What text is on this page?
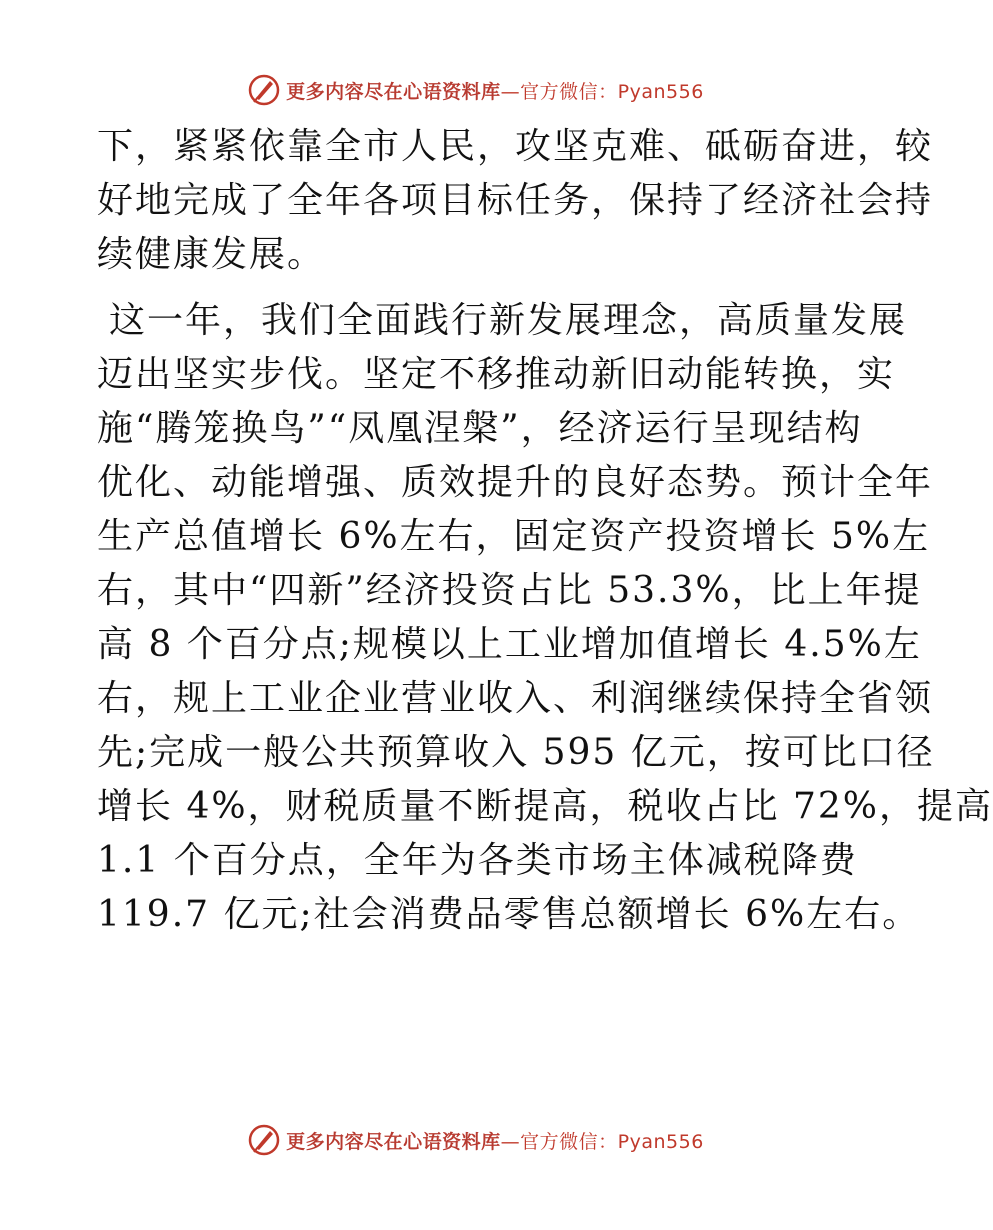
更多内容尽在心语资料库—官方微信：Pyan556
下，紧紧依靠全市人民，攻坚克难、砥砺奋进，较
好地完成了全年各项目标任务，保持了经济社会持
续健康发展。
这一年，我们全面践行新发展理念，高质量发展
迈出坚实步伐。坚定不移推动新旧动能转换，实
施“腾笼换鸟”“凤凰涅槃”，经济运行呈现结构
优化、动能增强、质效提升的良好态势。预计全年
生产总值增长 6%左右，固定资产投资增长 5%左
右，其中“四新”经济投资占比 53.3%，比上年提
高 8 个百分点;规模以上工业增加值增长 4.5%左
右，规上工业企业营业收入、利润继续保持全省领
先;完成一般公共预算收入 595 亿元，按可比口径
增长 4%，财税质量不断提高，税收占比 72%，提高
1.1 个百分点，全年为各类市场主体减税降费
119.7 亿元;社会消费品零售总额增长 6%左右。
更多内容尽在心语资料库—官方微信：Pyan556
